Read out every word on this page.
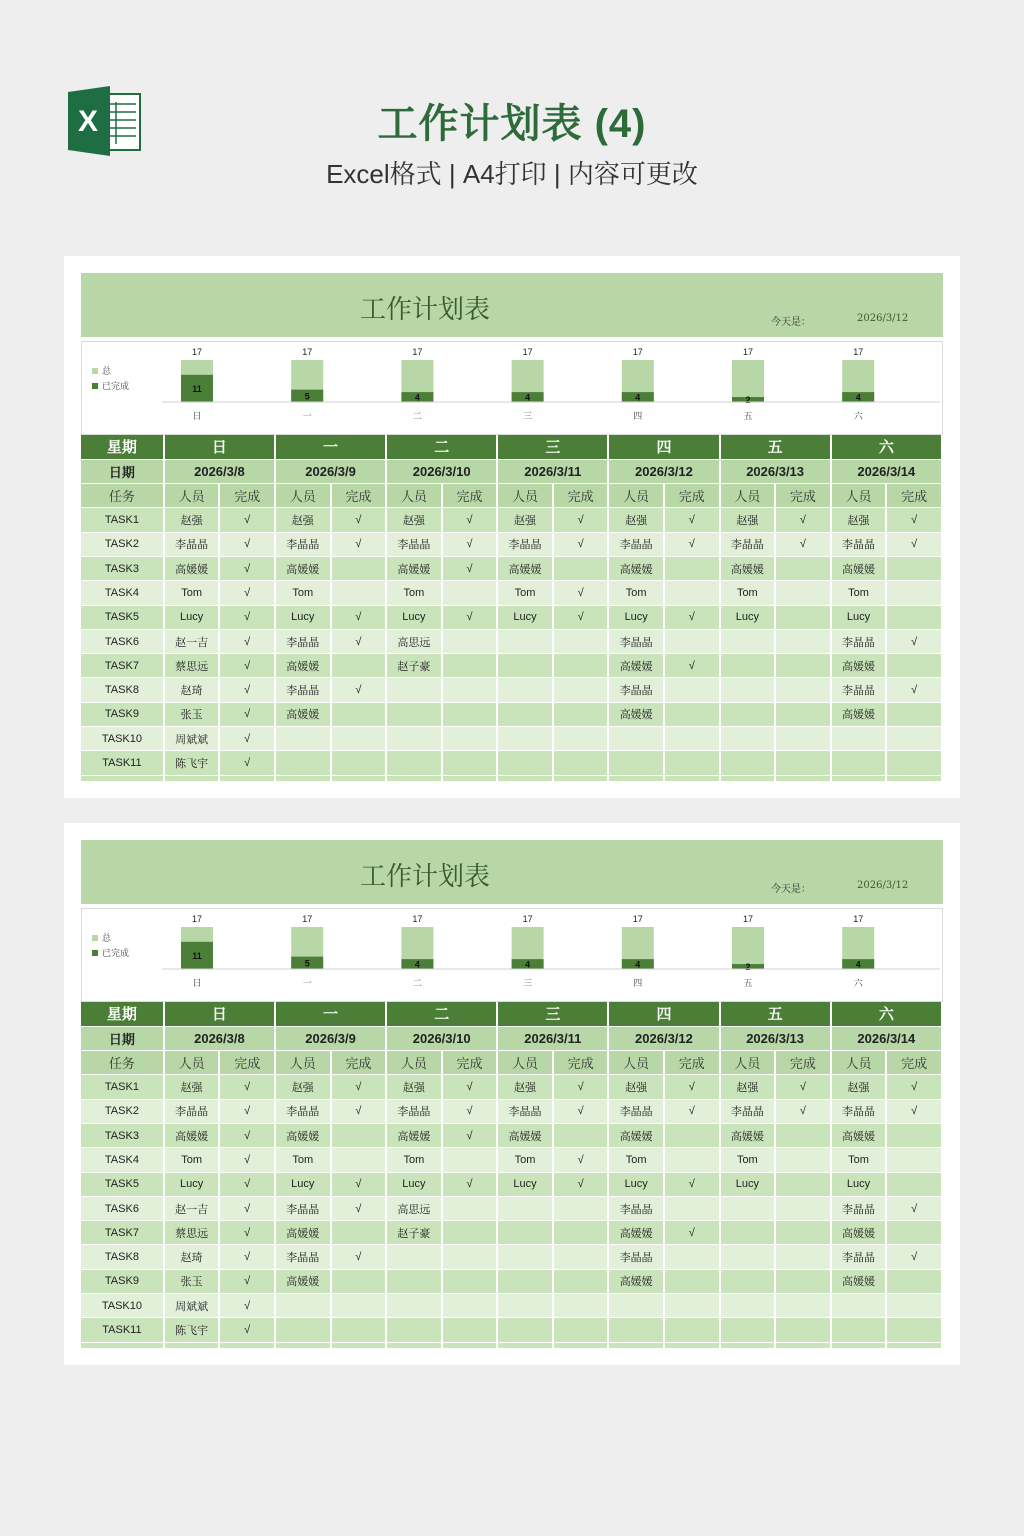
X	工作计划表 (4)
Excel格式 | A4打印 | 内容可更改
工作计划表	今天是：	2026/3/12
总
已完成
17
11
日
17
5
一
17
4
二
17
4
三
17
4
四
17
2
五
17
4
六
星期	日		一		二		三		四		五		六	
日期	2026/3/8		2026/3/9		2026/3/10		2026/3/11		2026/3/12		2026/3/13		2026/3/14	
任务	人员	完成	人员	完成	人员	完成	人员	完成	人员	完成	人员	完成	人员	完成
TASK1	赵强	√	赵强	√	赵强	√	赵强	√	赵强	√	赵强	√	赵强	√
TASK2	李晶晶	√	李晶晶	√	李晶晶	√	李晶晶	√	李晶晶	√	李晶晶	√	李晶晶	√
TASK3	高媛媛	√	高媛媛		高媛媛	√	高媛媛		高媛媛		高媛媛		高媛媛	
TASK4	Tom	√	Tom		Tom		Tom	√	Tom		Tom		Tom	
TASK5	Lucy	√	Lucy	√	Lucy	√	Lucy	√	Lucy	√	Lucy		Lucy	
TASK6	赵一吉	√	李晶晶	√	高思远				李晶晶				李晶晶	√
TASK7	蔡思远	√	高媛媛		赵子豪				高媛媛	√			高媛媛	
TASK8	赵琦	√	李晶晶	√					李晶晶				李晶晶	√
TASK9	张玉	√	高媛媛						高媛媛				高媛媛	
TASK10	周斌斌	√												
TASK11	陈飞宇	√												

工作计划表	今天是：	2026/3/12
总
已完成
17
11
日
17
5
一
17
4
二
17
4
三
17
4
四
17
2
五
17
4
六
星期	日		一		二		三		四		五		六	
日期	2026/3/8		2026/3/9		2026/3/10		2026/3/11		2026/3/12		2026/3/13		2026/3/14	
任务	人员	完成	人员	完成	人员	完成	人员	完成	人员	完成	人员	完成	人员	完成
TASK1	赵强	√	赵强	√	赵强	√	赵强	√	赵强	√	赵强	√	赵强	√
TASK2	李晶晶	√	李晶晶	√	李晶晶	√	李晶晶	√	李晶晶	√	李晶晶	√	李晶晶	√
TASK3	高媛媛	√	高媛媛		高媛媛	√	高媛媛		高媛媛		高媛媛		高媛媛	
TASK4	Tom	√	Tom		Tom		Tom	√	Tom		Tom		Tom	
TASK5	Lucy	√	Lucy	√	Lucy	√	Lucy	√	Lucy	√	Lucy		Lucy	
TASK6	赵一吉	√	李晶晶	√	高思远				李晶晶				李晶晶	√
TASK7	蔡思远	√	高媛媛		赵子豪				高媛媛	√			高媛媛	
TASK8	赵琦	√	李晶晶	√					李晶晶				李晶晶	√
TASK9	张玉	√	高媛媛						高媛媛				高媛媛	
TASK10	周斌斌	√												
TASK11	陈飞宇	√												
